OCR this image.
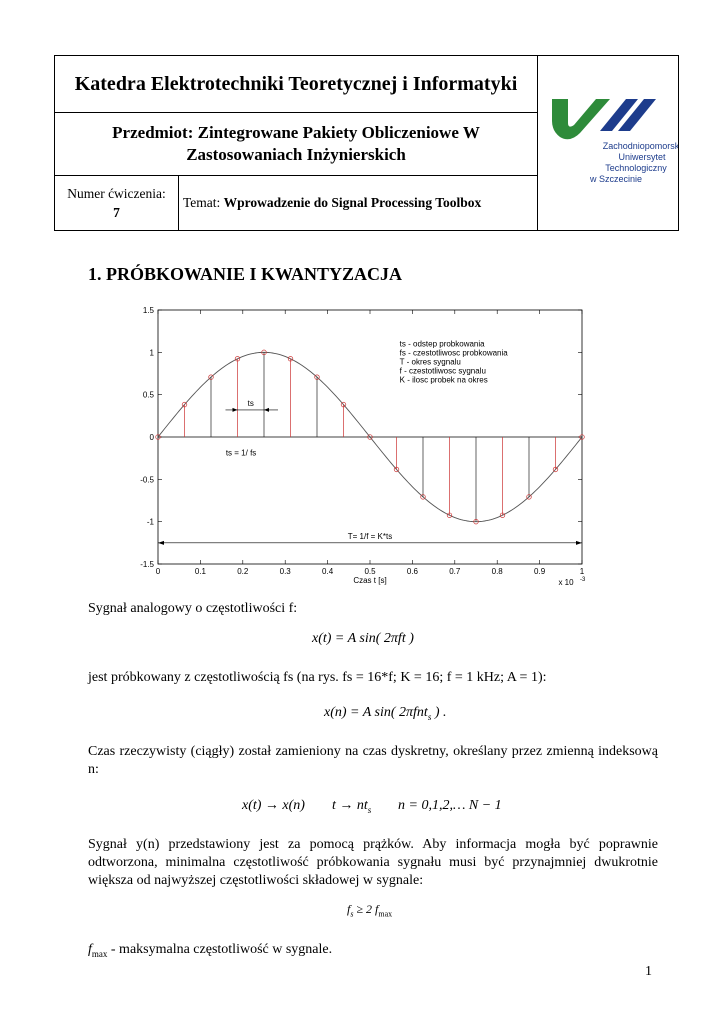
Katedra Elektrotechniki Teoretycznej i Informatyki		Zachodniopomorski
Uniwersytet
Technologiczny
w Szczecinie

Przedmiot: Zintegrowane Pakiety Obliczeniowe W
Zastosowaniach Inżynierskich		

Numer ćwiczenia:
7	Temat: Wprowadzenie do Signal Processing Toolbox	
1. PRÓBKOWANIE I KWANTYZACJA
0	0.1	0.2	0.3	0.4	0.5	0.6	0.7	0.8	0.9	1
1.5
1
0.5
0
-0.5
-1
-1.5
ts
ts = 1/ fs
T= 1/f = K*ts
ts - odstep probkowania
fs - czestotliwosc probkowania
T - okres sygnalu
f - czestotliwosc sygnalu
K - ilosc probek na okres
Czas t [s]	x 10 -3
Sygnał analogowy o częstotliwości f:
x(t) = A sin( 2πft )
jest próbkowany z częstotliwością fs (na rys. fs = 16*f; K = 16; f = 1 kHz; A = 1):
x(n) = A sin( 2πfnt$_s$ ) .
Czas rzeczywisty (ciągły) został zamieniony na czas dyskretny, określany przez zmienną indeksową n:
x(t) → x(n) $t \to nt_s$ n = 0,1,2,… N − 1
Sygnał y(n) przedstawiony jest za pomocą prążków. Aby informacja mogła być poprawnie odtworzona, minimalna częstotliwość próbkowania sygnału musi być przynajmniej dwukrotnie większa od najwyższej częstotliwości składowej w sygnale:
$f_s \ge 2$ $f_{max}$
$f_{max}$ - maksymalna częstotliwość w sygnale.
1
